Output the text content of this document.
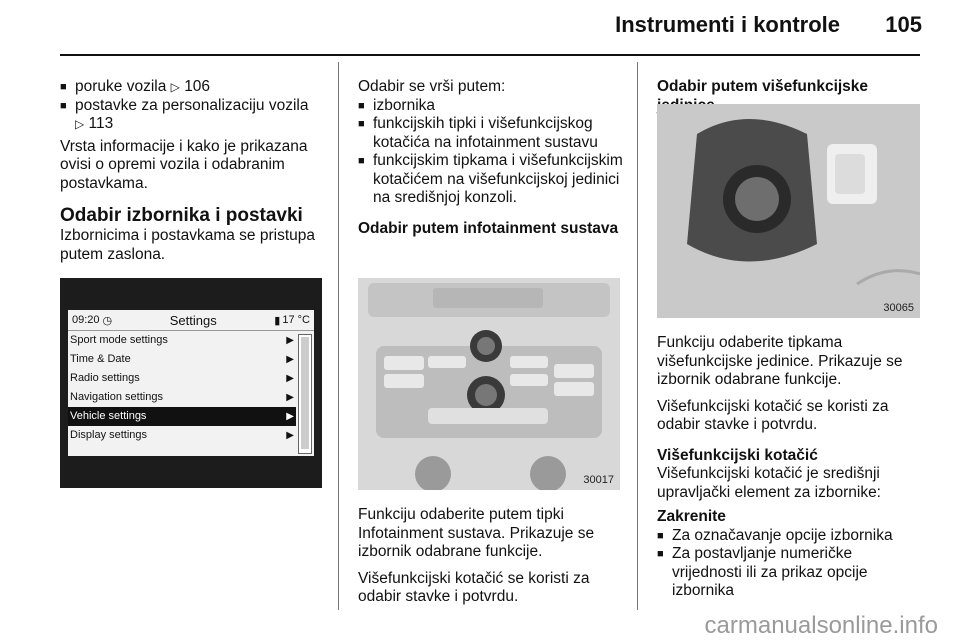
Instrumenti i kontrole	105
■ poruke vozila ▷ 106
■ postavke za personalizaciju vozila
▷ 113

Vrsta informacije i kako je prikazana ovisi o opremi vozila i odabranim postavkama.

Odabir izbornika i postavki

Izbornicima i postavkama se pristupa putem zaslona.

09:20 ◷	Settings	▮ 17 °C
Sport mode settings	▶
Time & Date	▶
Radio settings	▶
Navigation settings	▶
Vehicle settings	▶
Display settings	▶

Odabir se vrši putem:

■ izbornika
■ funkcijskih tipki i višefunkcijskog kotačića na infotainment sustavu
■ funkcijskim tipkama i višefunkcijskim kotačićem na višefunkcijskoj jedinici na središnjoj konzoli.
Odabir putem infotainment sustava
30017

Funkciju odaberite putem tipki Infotainment sustava. Prikazuje se izbornik odabrane funkcije.

Višefunkcijski kotačić se koristi za odabir stavke i potvrdu.

Odabir putem višefunkcijske
30065

Funkciju odaberite tipkama višefunkcijske jedinice. Prikazuje se izbornik odabrane funkcije.

Višefunkcijski kotačić se koristi za odabir stavke i potvrdu.

Višefunkcijski kotačić

Višefunkcijski kotačić je središnji upravljački element za izbornike:

Zakrenite
■ Za označavanje opcije izbornika
■ Za postavljanje numeričke vrijednosti ili za prikaz opcije izbornika
carmanualsonline.info
